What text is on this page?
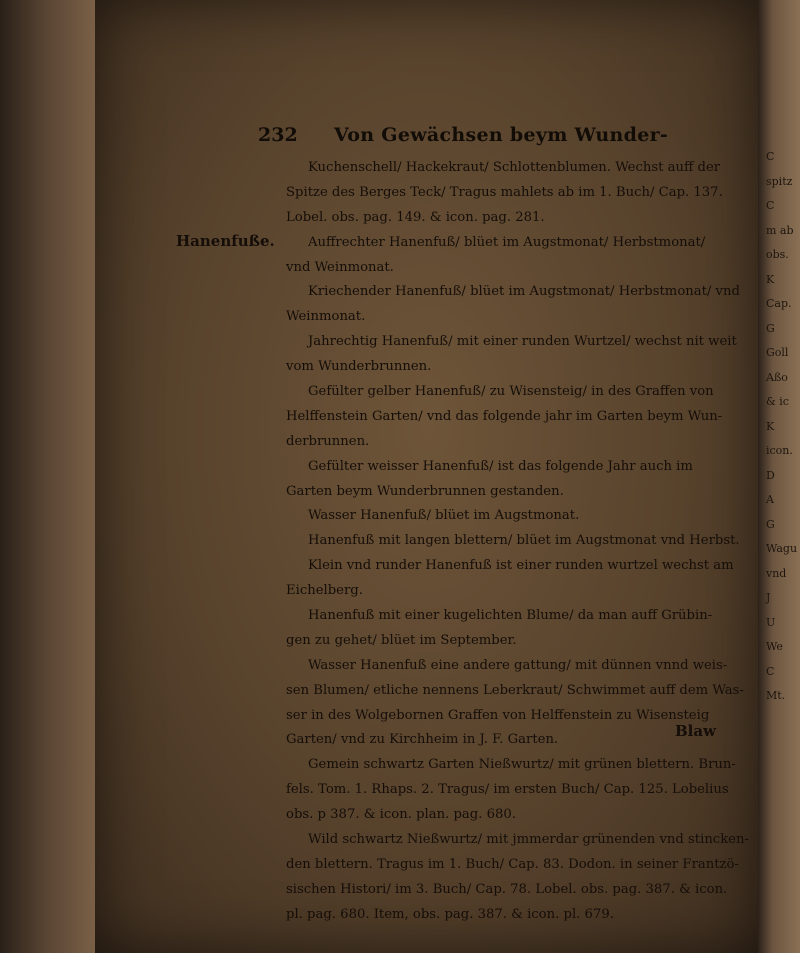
C
spitz
C
m ab
obs.
K
Cap.
G
Goll
Aßo
& ic
K
icon.
D
A
G
Wagu
vnd
J
U
We
C
Mt.
232 Von Gewächsen beym Wunder-
Hanenfuße.
Kuchenschell/ Hackekraut/ Schlottenblumen. Wechst auff der
Spitze des Berges Teck/ Tragus mahlets ab im 1. Buch/ Cap. 137.
Lobel. obs. pag. 149. & icon. pag. 281.
Auffrechter Hanenfuß/ blüet im Augstmonat/ Herbstmonat/
vnd Weinmonat.
Kriechender Hanenfuß/ blüet im Augstmonat/ Herbstmonat/ vnd
Weinmonat.
Jahrechtig Hanenfuß/ mit einer runden Wurtzel/ wechst nit weit
vom Wunderbrunnen.
Gefülter gelber Hanenfuß/ zu Wisensteig/ in des Graffen von
Helffenstein Garten/ vnd das folgende jahr im Garten beym Wun-
derbrunnen.
Gefülter weisser Hanenfuß/ ist das folgende Jahr auch im
Garten beym Wunderbrunnen gestanden.
Wasser Hanenfuß/ blüet im Augstmonat.
Hanenfuß mit langen blettern/ blüet im Augstmonat vnd Herbst.
Klein vnd runder Hanenfuß ist einer runden wurtzel wechst am
Eichelberg.
Hanenfuß mit einer kugelichten Blume/ da man auff Grübin-
gen zu gehet/ blüet im September.
Wasser Hanenfuß eine andere gattung/ mit dünnen vnnd weis-
sen Blumen/ etliche nennens Leberkraut/ Schwimmet auff dem Was-
ser in des Wolgebornen Graffen von Helffenstein zu Wisensteig
Garten/ vnd zu Kirchheim in J. F. Garten.
Gemein schwartz Garten Nießwurtz/ mit grünen blettern. Brun-
fels. Tom. 1. Rhaps. 2. Tragus/ im ersten Buch/ Cap. 125. Lobelius
obs. p 387. & icon. plan. pag. 680.
Wild schwartz Nießwurtz/ mit jmmerdar grünenden vnd stincken-
den blettern. Tragus im 1. Buch/ Cap. 83. Dodon. in seiner Frantzö-
sischen Histori/ im 3. Buch/ Cap. 78. Lobel. obs. pag. 387. & icon.
pl. pag. 680. Item, obs. pag. 387. & icon. pl. 679.
Blaw
